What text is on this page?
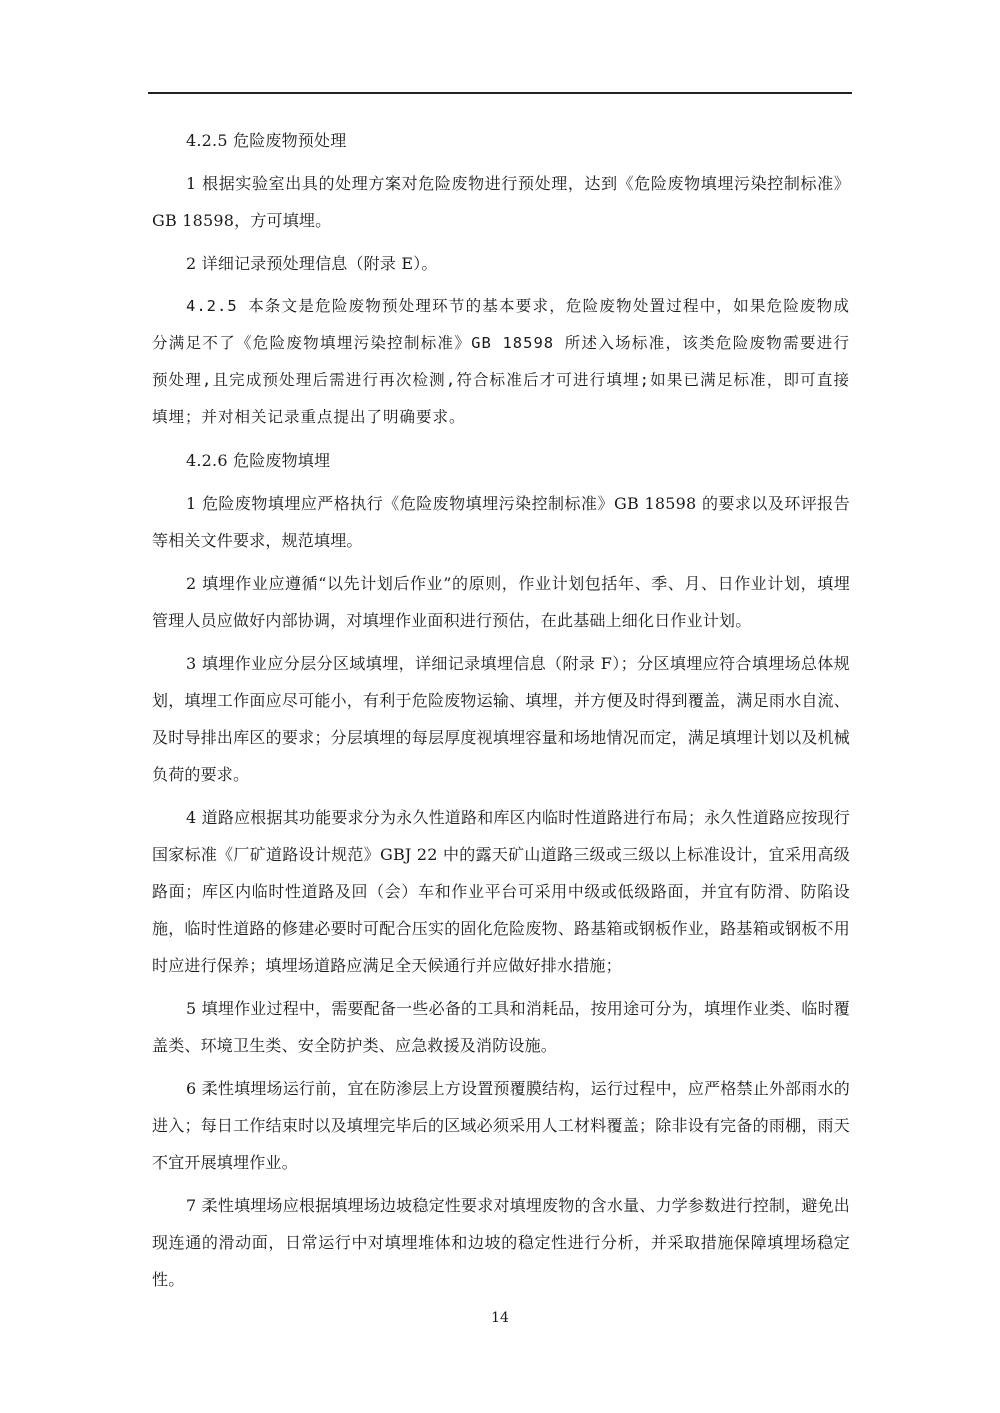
4.2.5 危险废物预处理

1 根据实验室出具的处理方案对危险废物进行预处理，达到《危险废物填埋污染控制标准》GB 18598，方可填埋。

2 详细记录预处理信息（附录 E）。

4.2.5 本条文是危险废物预处理环节的基本要求，危险废物处置过程中，如果危险废物成分满足不了《危险废物填埋污染控制标准》GB 18598 所述入场标准，该类危险废物需要进行预处理,且完成预处理后需进行再次检测,符合标准后才可进行填埋;如果已满足标准，即可直接填埋；并对相关记录重点提出了明确要求。

4.2.6 危险废物填埋

1 危险废物填埋应严格执行《危险废物填埋污染控制标准》GB 18598 的要求以及环评报告等相关文件要求，规范填埋。

2 填埋作业应遵循“以先计划后作业”的原则，作业计划包括年、季、月、日作业计划，填埋管理人员应做好内部协调，对填埋作业面积进行预估，在此基础上细化日作业计划。

3 填埋作业应分层分区域填埋，详细记录填埋信息（附录 F）；分区填埋应符合填埋场总体规划，填埋工作面应尽可能小，有利于危险废物运输、填埋，并方便及时得到覆盖，满足雨水自流、及时导排出库区的要求；分层填埋的每层厚度视填埋容量和场地情况而定，满足填埋计划以及机械负荷的要求。

4 道路应根据其功能要求分为永久性道路和库区内临时性道路进行布局；永久性道路应按现行国家标准《厂矿道路设计规范》GBJ 22 中的露天矿山道路三级或三级以上标准设计，宜采用高级路面；库区内临时性道路及回（会）车和作业平台可采用中级或低级路面，并宜有防滑、防陷设施，临时性道路的修建必要时可配合压实的固化危险废物、路基箱或钢板作业，路基箱或钢板不用时应进行保养；填埋场道路应满足全天候通行并应做好排水措施；

5 填埋作业过程中，需要配备一些必备的工具和消耗品，按用途可分为，填埋作业类、临时覆盖类、环境卫生类、安全防护类、应急救援及消防设施。

6 柔性填埋场运行前，宜在防渗层上方设置预覆膜结构，运行过程中，应严格禁止外部雨水的进入；每日工作结束时以及填埋完毕后的区域必须采用人工材料覆盖；除非设有完备的雨棚，雨天不宜开展填埋作业。

7 柔性填埋场应根据填埋场边坡稳定性要求对填埋废物的含水量、力学参数进行控制，避免出现连通的滑动面，日常运行中对填埋堆体和边坡的稳定性进行分析，并采取措施保障填埋场稳定性。

14
